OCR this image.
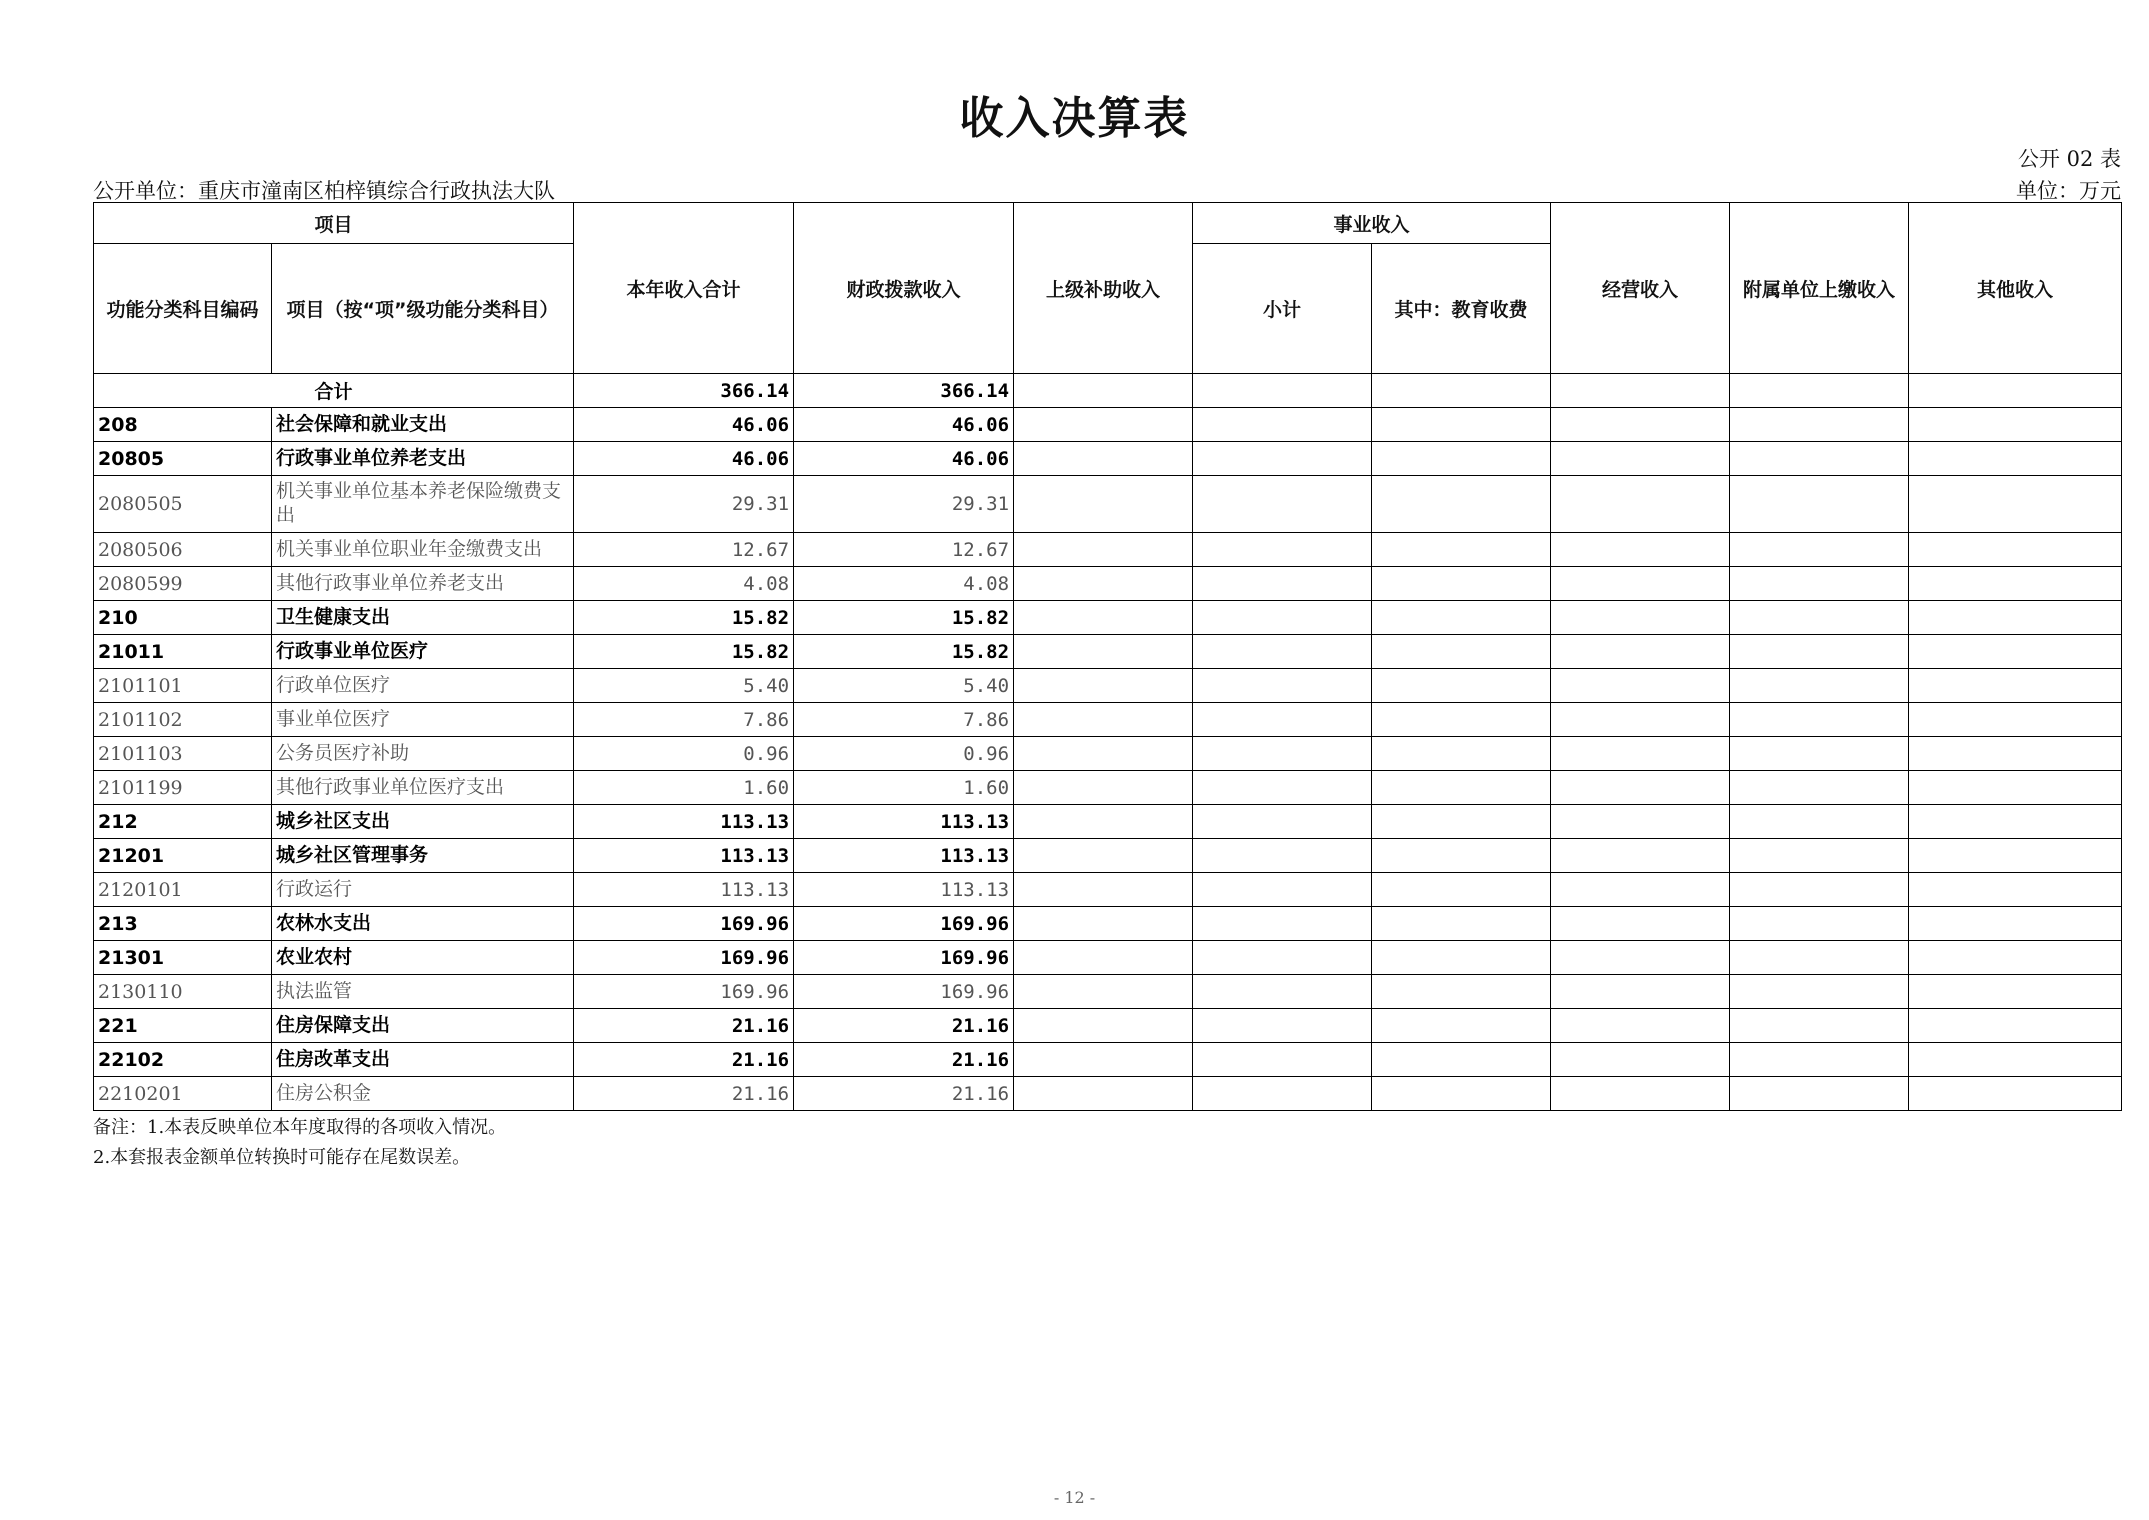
收入决算表
公开 02 表
公开单位：重庆市潼南区柏梓镇综合行政执法大队	单位：万元
项目		本年收入合计	财政拨款收入	上级补助收入	事业收入		经营收入	附属单位上缴收入	其他收入
功能分类科目编码	项目（按“项”级功能分类科目）				小计	其中：教育收费			
合计		366.14	366.14						
208	社会保障和就业支出	46.06	46.06						
20805	行政事业单位养老支出	46.06	46.06						
2080505	机关事业单位基本养老保险缴费支出	29.31	29.31						
2080506	机关事业单位职业年金缴费支出	12.67	12.67						
2080599	其他行政事业单位养老支出	4.08	4.08						
210	卫生健康支出	15.82	15.82						
21011	行政事业单位医疗	15.82	15.82						
2101101	行政单位医疗	5.40	5.40						
2101102	事业单位医疗	7.86	7.86						
2101103	公务员医疗补助	0.96	0.96						
2101199	其他行政事业单位医疗支出	1.60	1.60						
212	城乡社区支出	113.13	113.13						
21201	城乡社区管理事务	113.13	113.13						
2120101	行政运行	113.13	113.13						
213	农林水支出	169.96	169.96						
21301	农业农村	169.96	169.96						
2130110	执法监管	169.96	169.96						
221	住房保障支出	21.16	21.16						
22102	住房改革支出	21.16	21.16						
2210201	住房公积金	21.16	21.16						
备注：1.本表反映单位本年度取得的各项收入情况。
2.本套报表金额单位转换时可能存在尾数误差。
- 12 -
